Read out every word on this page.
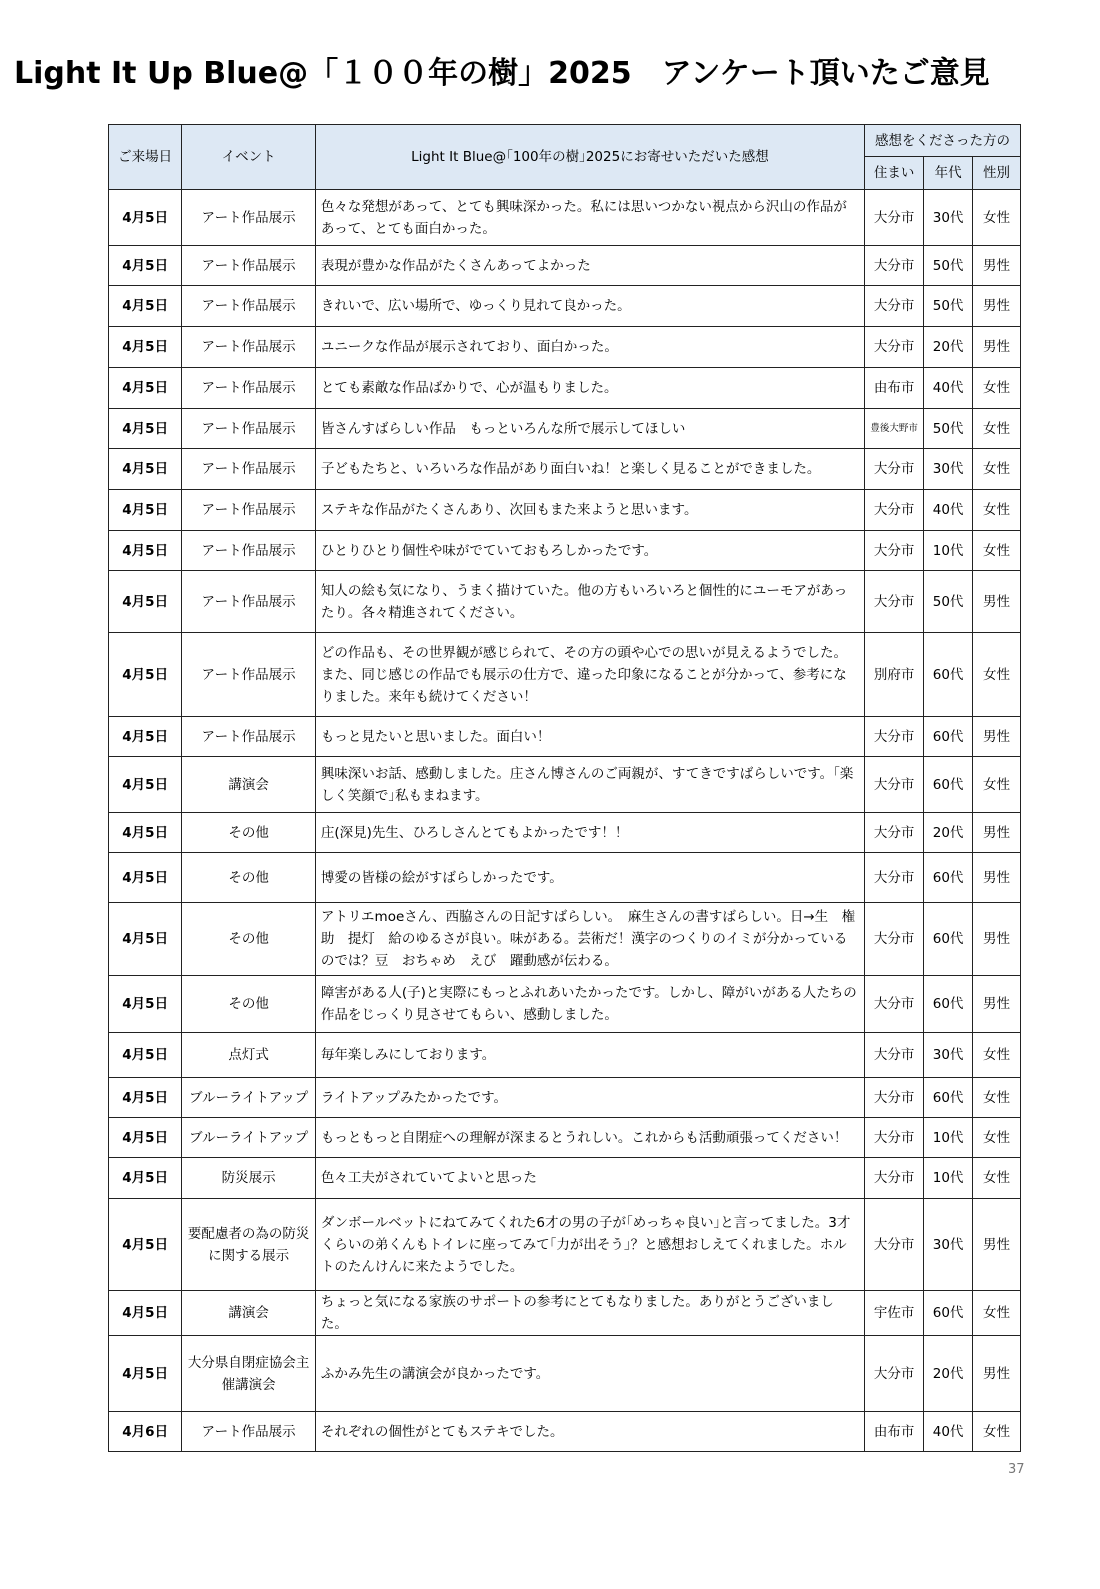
Light It Up Blue@「１００年の樹」2025　アンケート頂いたご意見
ご来場日	イベント	Light It Blue@｢100年の樹｣2025にお寄せいただいた感想	感想をくださった方の		
			住まい	年代	性別
4月5日	アート作品展示	色々な発想があって、とても興味深かった。私には思いつかない視点から沢山の作品があって、とても面白かった。	大分市	30代	女性
4月5日	アート作品展示	表現が豊かな作品がたくさんあってよかった	大分市	50代	男性
4月5日	アート作品展示	きれいで、広い場所で、ゆっくり見れて良かった。	大分市	50代	男性
4月5日	アート作品展示	ユニークな作品が展示されており、面白かった。	大分市	20代	男性
4月5日	アート作品展示	とても素敵な作品ばかりで、心が温もりました。	由布市	40代	女性
4月5日	アート作品展示	皆さんすばらしい作品　もっといろんな所で展示してほしい	豊後大野市	50代	女性
4月5日	アート作品展示	子どもたちと、いろいろな作品があり面白いね！と楽しく見ることができました。	大分市	30代	女性
4月5日	アート作品展示	ステキな作品がたくさんあり、次回もまた来ようと思います。	大分市	40代	女性
4月5日	アート作品展示	ひとりひとり個性や味がでていておもろしかったです。	大分市	10代	女性
4月5日	アート作品展示	知人の絵も気になり、うまく描けていた。他の方もいろいろと個性的にユーモアがあったり。各々精進されてください。	大分市	50代	男性
4月5日	アート作品展示	どの作品も、その世界観が感じられて、その方の頭や心での思いが見えるようでした。また、同じ感じの作品でも展示の仕方で、違った印象になることが分かって、参考になりました。来年も続けてください！	別府市	60代	女性
4月5日	アート作品展示	もっと見たいと思いました。面白い！	大分市	60代	男性
4月5日	講演会	興味深いお話、感動しました。庄さん博さんのご両親が、すてきですばらしいです。｢楽しく笑顔で｣私もまねます。	大分市	60代	女性
4月5日	その他	庄(深見)先生、ひろしさんとてもよかったです！！	大分市	20代	男性
4月5日	その他	博愛の皆様の絵がすばらしかったです。	大分市	60代	男性
4月5日	その他	アトリエmoeさん、西脇さんの日記すばらしい。　麻生さんの書すばらしい。日→生　権助　提灯　給のゆるさが良い。味がある。芸術だ！漢字のつくりのイミが分かっているのでは？豆　おちゃめ　えび　躍動感が伝わる。	大分市	60代	男性
4月5日	その他	障害がある人(子)と実際にもっとふれあいたかったです。しかし、障がいがある人たちの作品をじっくり見させてもらい、感動しました。	大分市	60代	男性
4月5日	点灯式	毎年楽しみにしております。	大分市	30代	女性
4月5日	ブルーライトアップ	ライトアップみたかったです。	大分市	60代	女性
4月5日	ブルーライトアップ	もっともっと自閉症への理解が深まるとうれしい。これからも活動頑張ってください！	大分市	10代	女性
4月5日	防災展示	色々工夫がされていてよいと思った	大分市	10代	女性
4月5日	要配慮者の為の防災に関する展示	ダンボールベットにねてみてくれた6才の男の子が｢めっちゃ良い｣と言ってました。3才くらいの弟くんもトイレに座ってみて｢力が出そう｣？と感想おしえてくれました。ホルトのたんけんに来たようでした。	大分市	30代	男性
4月5日	講演会	ちょっと気になる家族のサポートの参考にとてもなりました。ありがとうございました。	宇佐市	60代	女性
4月5日	大分県自閉症協会主催講演会	ふかみ先生の講演会が良かったです。	大分市	20代	男性
4月6日	アート作品展示	それぞれの個性がとてもステキでした。	由布市	40代	女性
37
